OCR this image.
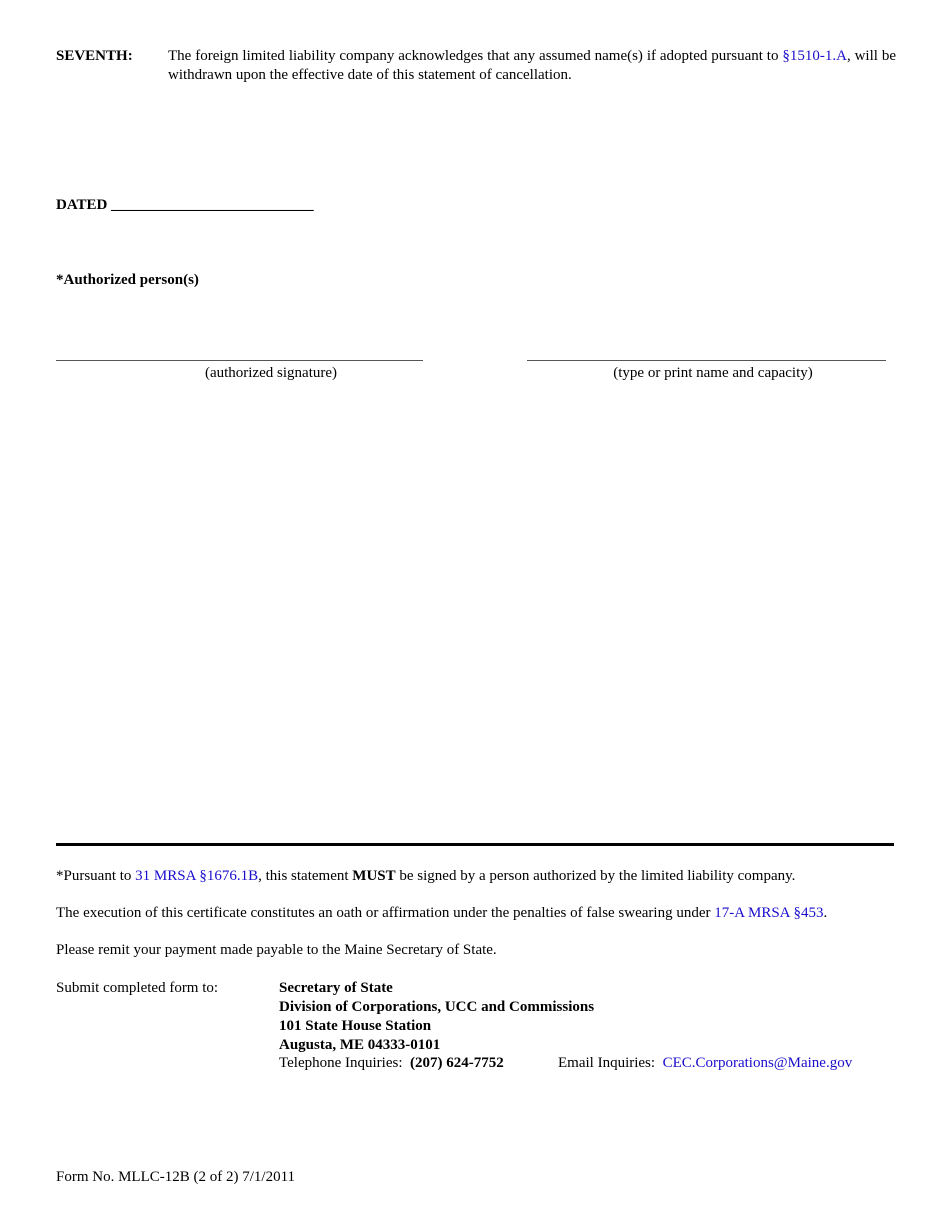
SEVENTH: The foreign limited liability company acknowledges that any assumed name(s) if adopted pursuant to §1510-1.A, will be withdrawn upon the effective date of this statement of cancellation.
DATED ___________________________
*Authorized person(s)
(authorized signature)	(type or print name and capacity)
*Pursuant to 31 MRSA §1676.1B, this statement MUST be signed by a person authorized by the limited liability company.
The execution of this certificate constitutes an oath or affirmation under the penalties of false swearing under 17-A MRSA §453.
Please remit your payment made payable to the Maine Secretary of State.
Submit completed form to:	Secretary of State
Division of Corporations, UCC and Commissions
101 State House Station
Augusta, ME 04333-0101
Telephone Inquiries: (207) 624-7752	Email Inquiries: CEC.Corporations@Maine.gov
Form No. MLLC-12B (2 of 2) 7/1/2011
